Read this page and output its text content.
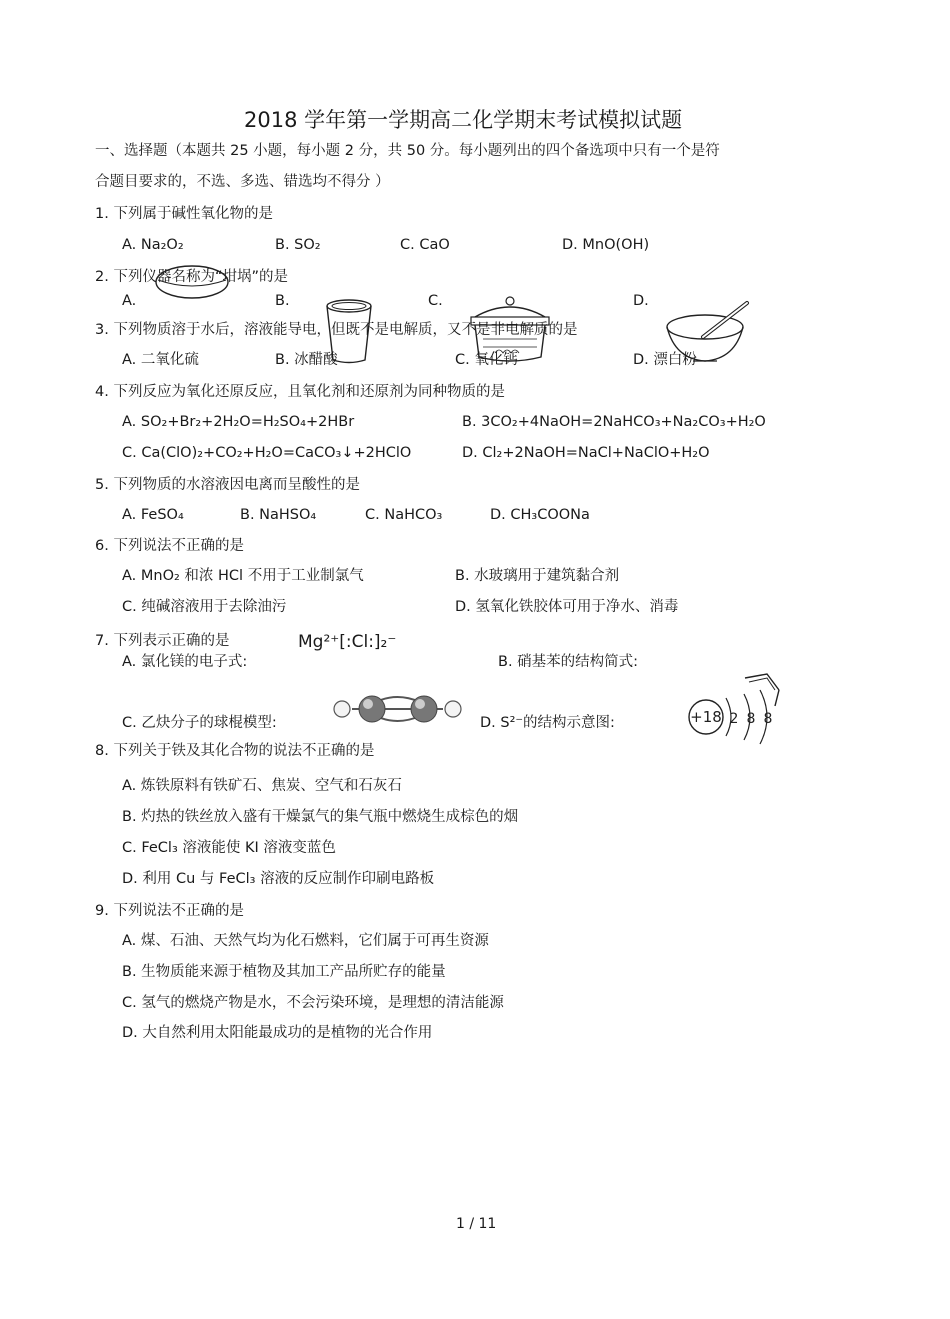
2018 学年第一学期高二化学期末考试模拟试题
一、选择题（本题共 25 小题，每小题 2 分，共 50 分。每小题列出的四个备选项中只有一个是符
合题目要求的，不选、多选、错选均不得分 ）
1. 下列属于碱性氧化物的是
A. Na₂O₂	B. SO₂	C. CaO	D. MnO(OH)
2. 下列仪器名称为“坩埚”的是
A.	B.	C.	D.
3. 下列物质溶于水后，溶液能导电，但既不是电解质，又不是非电解质的是
A. 二氧化硫	B. 冰醋酸	C. 氧化钙	D. 漂白粉
4. 下列反应为氧化还原反应，且氧化剂和还原剂为同种物质的是
A. SO₂+Br₂+2H₂O=H₂SO₄+2HBr	B. 3CO₂+4NaOH=2NaHCO₃+Na₂CO₃+H₂O
C. Ca(ClO)₂+CO₂+H₂O=CaCO₃↓+2HClO	D. Cl₂+2NaOH=NaCl+NaClO+H₂O
5. 下列物质的水溶液因电离而呈酸性的是
A. FeSO₄	B. NaHSO₄	C. NaHCO₃	D. CH₃COONa
6. 下列说法不正确的是
A. MnO₂ 和浓 HCl 不用于工业制氯气	B. 水玻璃用于建筑黏合剂
C. 纯碱溶液用于去除油污	D. 氢氧化铁胶体可用于净水、消毒
7. 下列表示正确的是
A. 氯化镁的电子式:
Mg²⁺[:Cl:]₂⁻
B. 硝基苯的结构简式:
C. 乙炔分子的球棍模型:	D. S²⁻的结构示意图:	+18 2 8 8
8. 下列关于铁及其化合物的说法不正确的是
A. 炼铁原料有铁矿石、焦炭、空气和石灰石
B. 灼热的铁丝放入盛有干燥氯气的集气瓶中燃烧生成棕色的烟
C. FeCl₃ 溶液能使 KI 溶液变蓝色
D. 利用 Cu 与 FeCl₃ 溶液的反应制作印刷电路板
9. 下列说法不正确的是
A. 煤、石油、天然气均为化石燃料，它们属于可再生资源
B. 生物质能来源于植物及其加工产品所贮存的能量
C. 氢气的燃烧产物是水，不会污染环境，是理想的清洁能源
D. 大自然利用太阳能最成功的是植物的光合作用
1 / 11
